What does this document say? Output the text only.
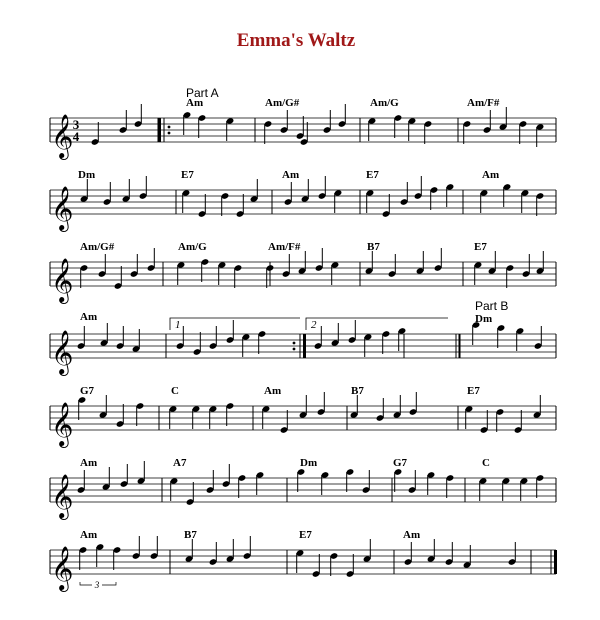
Emma's Waltz
𝄞
𝄞
𝄞
𝄞
𝄞
𝄞
𝄞
3
4
1	2
3
Am	Am/G#	Am/G	Am/F#
Dm	E7	Am	E7	Am
Am/G#	Am/G	Am/F#	B7	E7
Am	Dm
G7	C	Am	B7	E7
Am	A7	Dm	G7	C
Am	B7	E7	Am
Part A
Part B
